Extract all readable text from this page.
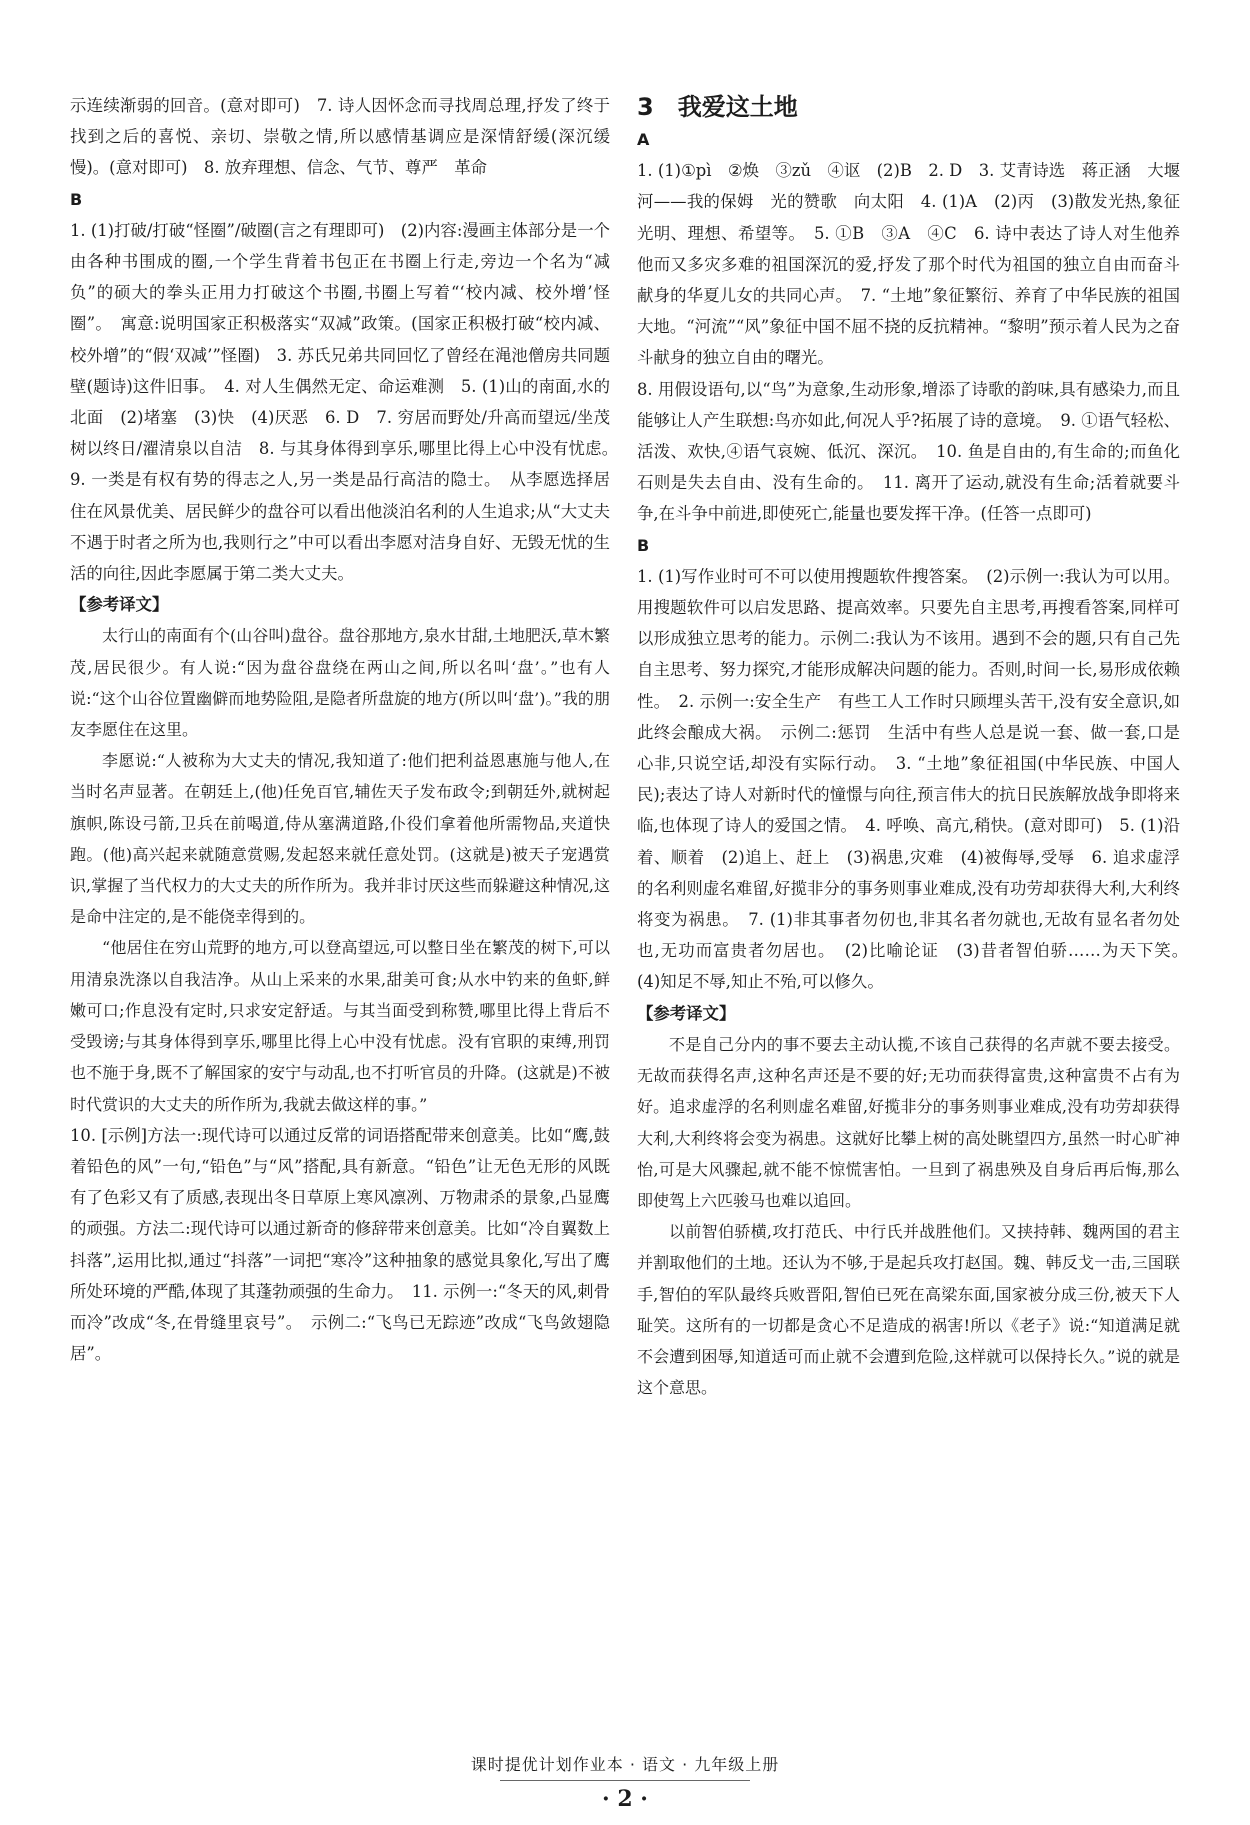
示连续渐弱的回音。(意对即可)　7. 诗人因怀念而寻找周总理,抒发了终于找到之后的喜悦、亲切、崇敬之情,所以感情基调应是深情舒缓(深沉缓慢)。(意对即可)　8. 放弃理想、信念、气节、尊严　革命

B

1. (1)打破/打破“怪圈”/破圈(言之有理即可)　(2)内容:漫画主体部分是一个由各种书围成的圈,一个学生背着书包正在书圈上行走,旁边一个名为“减负”的硕大的拳头正用力打破这个书圈,书圈上写着“‘校内减、校外增’怪圈”。　寓意:说明国家正积极落实“双减”政策。(国家正积极打破“校内减、校外增”的“假‘双减’”怪圈)　3. 苏氏兄弟共同回忆了曾经在渑池僧房共同题壁(题诗)这件旧事。　4. 对人生偶然无定、命运难测　5. (1)山的南面,水的北面　(2)堵塞　(3)快　(4)厌恶　6. D　7. 穷居而野处/升高而望远/坐茂树以终日/濯清泉以自洁　8. 与其身体得到享乐,哪里比得上心中没有忧虑。　9. 一类是有权有势的得志之人,另一类是品行高洁的隐士。　从李愿选择居住在风景优美、居民鲜少的盘谷可以看出他淡泊名利的人生追求;从“大丈夫不遇于时者之所为也,我则行之”中可以看出李愿对洁身自好、无毁无忧的生活的向往,因此李愿属于第二类大丈夫。

【参考译文】

太行山的南面有个(山谷叫)盘谷。盘谷那地方,泉水甘甜,土地肥沃,草木繁茂,居民很少。有人说:“因为盘谷盘绕在两山之间,所以名叫‘盘’。”也有人说:“这个山谷位置幽僻而地势险阻,是隐者所盘旋的地方(所以叫‘盘’)。”我的朋友李愿住在这里。

李愿说:“人被称为大丈夫的情况,我知道了:他们把利益恩惠施与他人,在当时名声显著。在朝廷上,(他)任免百官,辅佐天子发布政令;到朝廷外,就树起旗帜,陈设弓箭,卫兵在前喝道,侍从塞满道路,仆役们拿着他所需物品,夹道快跑。(他)高兴起来就随意赏赐,发起怒来就任意处罚。(这就是)被天子宠遇赏识,掌握了当代权力的大丈夫的所作所为。我并非讨厌这些而躲避这种情况,这是命中注定的,是不能侥幸得到的。

“他居住在穷山荒野的地方,可以登高望远,可以整日坐在繁茂的树下,可以用清泉洗涤以自我洁净。从山上采来的水果,甜美可食;从水中钓来的鱼虾,鲜嫩可口;作息没有定时,只求安定舒适。与其当面受到称赞,哪里比得上背后不受毁谤;与其身体得到享乐,哪里比得上心中没有忧虑。没有官职的束缚,刑罚也不施于身,既不了解国家的安宁与动乱,也不打听官员的升降。(这就是)不被时代赏识的大丈夫的所作所为,我就去做这样的事。”

10. [示例]方法一:现代诗可以通过反常的词语搭配带来创意美。比如“鹰,鼓着铅色的风”一句,“铅色”与“风”搭配,具有新意。“铅色”让无色无形的风既有了色彩又有了质感,表现出冬日草原上寒风凛冽、万物肃杀的景象,凸显鹰的顽强。方法二:现代诗可以通过新奇的修辞带来创意美。比如“冷自翼数上抖落”,运用比拟,通过“抖落”一词把“寒冷”这种抽象的感觉具象化,写出了鹰所处环境的严酷,体现了其蓬勃顽强的生命力。　11. 示例一:“冬天的风,刺骨而冷”改成“冬,在骨缝里哀号”。　示例二:“飞鸟已无踪迹”改成“飞鸟敛翅隐居”。

3　我爱这土地

A

1. (1)①pì　②焕　③zǔ　④讴　(2)B　2. D　3. 艾青诗选　蒋正涵　大堰河——我的保姆　光的赞歌　向太阳　4. (1)A　(2)丙　(3)散发光热,象征光明、理想、希望等。　5. ①B　③A　④C　6. 诗中表达了诗人对生他养他而又多灾多难的祖国深沉的爱,抒发了那个时代为祖国的独立自由而奋斗献身的华夏儿女的共同心声。　7. “土地”象征繁衍、养育了中华民族的祖国大地。“河流”“风”象征中国不屈不挠的反抗精神。“黎明”预示着人民为之奋斗献身的独立自由的曙光。

8. 用假设语句,以“鸟”为意象,生动形象,增添了诗歌的韵味,具有感染力,而且能够让人产生联想:鸟亦如此,何况人乎?拓展了诗的意境。　9. ①语气轻松、活泼、欢快,④语气哀婉、低沉、深沉。　10. 鱼是自由的,有生命的;而鱼化石则是失去自由、没有生命的。　11. 离开了运动,就没有生命;活着就要斗争,在斗争中前进,即使死亡,能量也要发挥干净。(任答一点即可)

B

1. (1)写作业时可不可以使用搜题软件搜答案。　(2)示例一:我认为可以用。用搜题软件可以启发思路、提高效率。只要先自主思考,再搜看答案,同样可以形成独立思考的能力。示例二:我认为不该用。遇到不会的题,只有自己先自主思考、努力探究,才能形成解决问题的能力。否则,时间一长,易形成依赖性。　2. 示例一:安全生产　有些工人工作时只顾埋头苦干,没有安全意识,如此终会酿成大祸。　示例二:惩罚　生活中有些人总是说一套、做一套,口是心非,只说空话,却没有实际行动。　3. “土地”象征祖国(中华民族、中国人民);表达了诗人对新时代的憧憬与向往,预言伟大的抗日民族解放战争即将来临,也体现了诗人的爱国之情。　4. 呼唤、高亢,稍快。(意对即可)　5. (1)沿着、顺着　(2)追上、赶上　(3)祸患,灾难　(4)被侮辱,受辱　6. 追求虚浮的名利则虚名难留,好揽非分的事务则事业难成,没有功劳却获得大利,大利终将变为祸患。　7. (1)非其事者勿仞也,非其名者勿就也,无故有显名者勿处也,无功而富贵者勿居也。　(2)比喻论证　(3)昔者智伯骄……为天下笑。　(4)知足不辱,知止不殆,可以修久。

【参考译文】

不是自己分内的事不要去主动认揽,不该自己获得的名声就不要去接受。无故而获得名声,这种名声还是不要的好;无功而获得富贵,这种富贵不占有为好。追求虚浮的名利则虚名难留,好揽非分的事务则事业难成,没有功劳却获得大利,大利终将会变为祸患。这就好比攀上树的高处眺望四方,虽然一时心旷神怡,可是大风骤起,就不能不惊慌害怕。一旦到了祸患殃及自身后再后悔,那么即使驾上六匹骏马也难以追回。

以前智伯骄横,攻打范氏、中行氏并战胜他们。又挟持韩、魏两国的君主并割取他们的土地。还认为不够,于是起兵攻打赵国。魏、韩反戈一击,三国联手,智伯的军队最终兵败晋阳,智伯已死在高梁东面,国家被分成三份,被天下人耻笑。这所有的一切都是贪心不足造成的祸害!所以《老子》说:“知道满足就不会遭到困辱,知道适可而止就不会遭到危险,这样就可以保持长久。”说的就是这个意思。

课时提优计划作业本 · 语文 · 九年级上册
· 2 ·
